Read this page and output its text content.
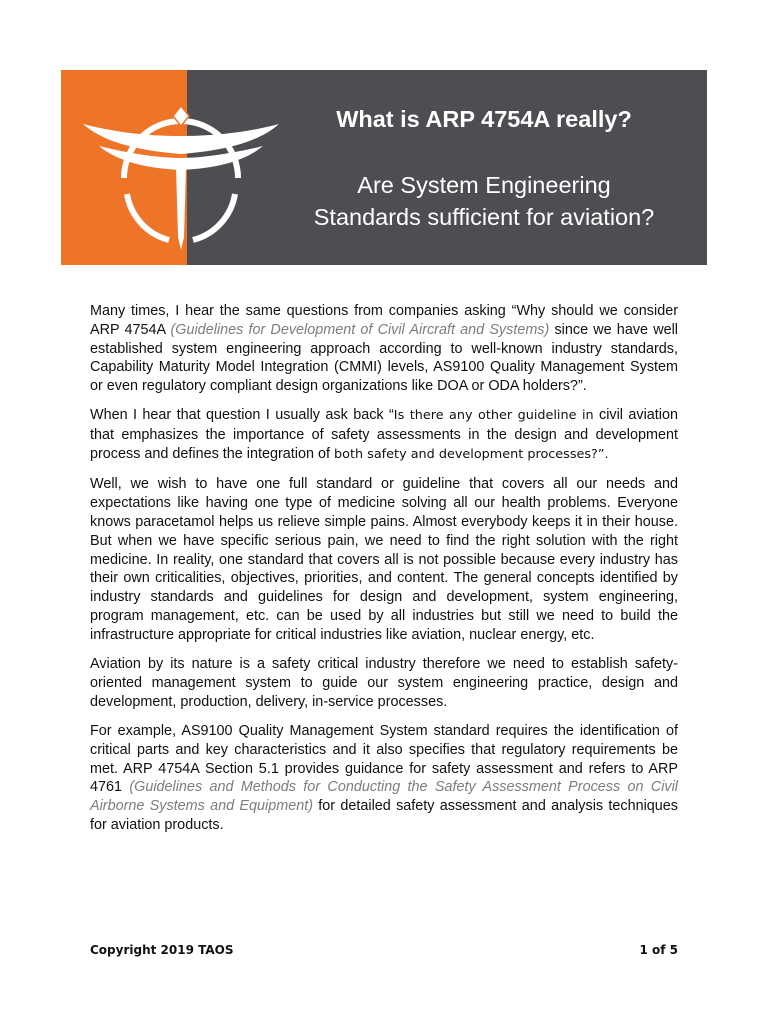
What is ARP 4754A really?
Are System Engineering
Standards sufficient for aviation?

Many times, I hear the same questions from companies asking “Why should we consider ARP 4754A (Guidelines for Development of Civil Aircraft and Systems) since we have well established system engineering approach according to well-known industry standards, Capability Maturity Model Integration (CMMI) levels, AS9100 Quality Management System or even regulatory compliant design organizations like DOA or ODA holders?”.

When I hear that question I usually ask back “Is there any other guideline in civil aviation that emphasizes the importance of safety assessments in the design and development process and defines the integration of both safety and development processes?”.

Well, we wish to have one full standard or guideline that covers all our needs and expectations like having one type of medicine solving all our health problems. Everyone knows paracetamol helps us relieve simple pains. Almost everybody keeps it in their house. But when we have specific serious pain, we need to find the right solution with the right medicine. In reality, one standard that covers all is not possible because every industry has their own criticalities, objectives, priorities, and content. The general concepts identified by industry standards and guidelines for design and development, system engineering, program management, etc. can be used by all industries but still we need to build the infrastructure appropriate for critical industries like aviation, nuclear energy, etc.

Aviation by its nature is a safety critical industry therefore we need to establish safety-oriented management system to guide our system engineering practice, design and development, production, delivery, in-service processes.

For example, AS9100 Quality Management System standard requires the identification of critical parts and key characteristics and it also specifies that regulatory requirements be met. ARP 4754A Section 5.1 provides guidance for safety assessment and refers to ARP 4761 (Guidelines and Methods for Conducting the Safety Assessment Process on Civil Airborne Systems and Equipment) for detailed safety assessment and analysis techniques for aviation products.

Copyright 2019 TAOS	1 of 5
